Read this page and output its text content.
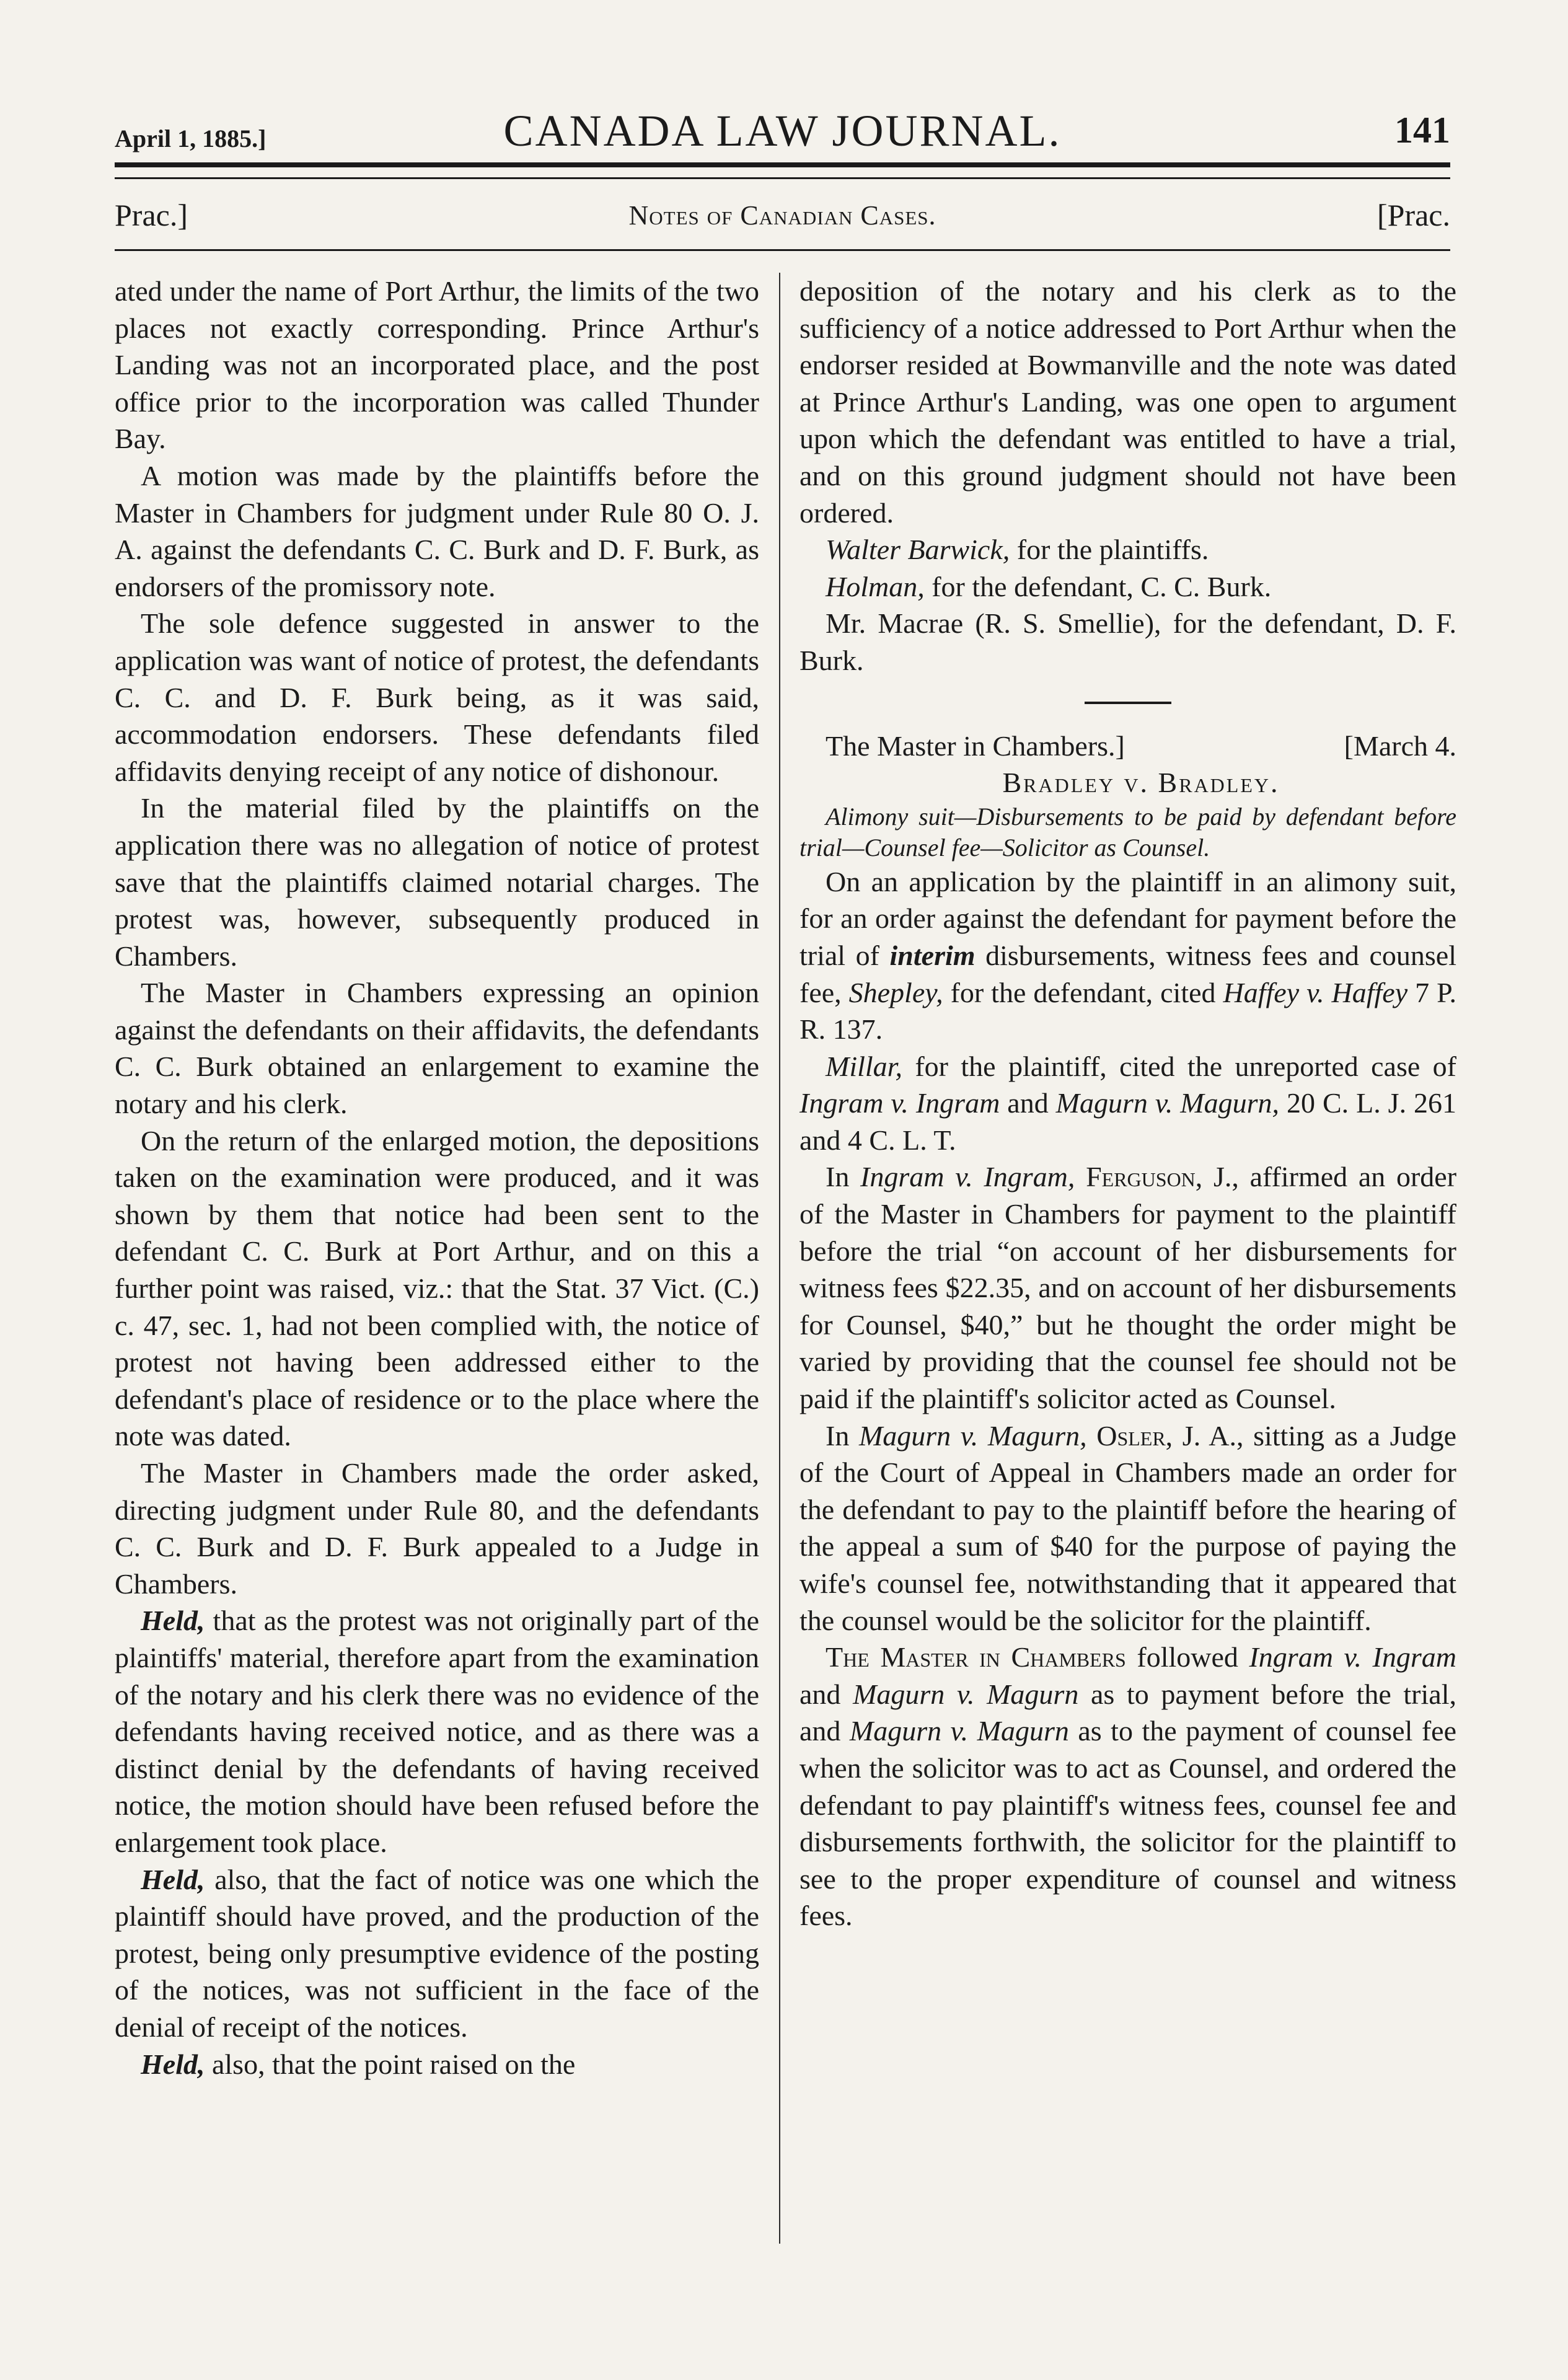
April 1, 1885.]	CANADA LAW JOURNAL.	141
Prac.]	Notes of Canadian Cases.	[Prac.

ated under the name of Port Arthur, the limits of the two places not exactly corresponding. Prince Arthur's Landing was not an incorporated place, and the post office prior to the incorporation was called Thunder Bay.

A motion was made by the plaintiffs before the Master in Chambers for judgment under Rule 80 O. J. A. against the defendants C. C. Burk and D. F. Burk, as endorsers of the promissory note.

The sole defence suggested in answer to the application was want of notice of protest, the defendants C. C. and D. F. Burk being, as it was said, accommodation endorsers. These defendants filed affidavits denying receipt of any notice of dishonour.

In the material filed by the plaintiffs on the application there was no allegation of notice of protest save that the plaintiffs claimed notarial charges. The protest was, however, subsequently produced in Chambers.

The Master in Chambers expressing an opinion against the defendants on their affidavits, the defendants C. C. Burk obtained an enlargement to examine the notary and his clerk.

On the return of the enlarged motion, the depositions taken on the examination were produced, and it was shown by them that notice had been sent to the defendant C. C. Burk at Port Arthur, and on this a further point was raised, viz.: that the Stat. 37 Vict. (C.) c. 47, sec. 1, had not been complied with, the notice of protest not having been addressed either to the defendant's place of residence or to the place where the note was dated.

The Master in Chambers made the order asked, directing judgment under Rule 80, and the defendants C. C. Burk and D. F. Burk appealed to a Judge in Chambers.

Held, that as the protest was not originally part of the plaintiffs' material, therefore apart from the examination of the notary and his clerk there was no evidence of the defendants having received notice, and as there was a distinct denial by the defendants of having received notice, the motion should have been refused before the enlargement took place.

Held, also, that the fact of notice was one which the plaintiff should have proved, and the production of the protest, being only presumptive evidence of the posting of the notices, was not sufficient in the face of the denial of receipt of the notices.

Held, also, that the point raised on the

deposition of the notary and his clerk as to the sufficiency of a notice addressed to Port Arthur when the endorser resided at Bowmanville and the note was dated at Prince Arthur's Landing, was one open to argument upon which the defendant was entitled to have a trial, and on this ground judgment should not have been ordered.

Walter Barwick, for the plaintiffs.

Holman, for the defendant, C. C. Burk.

Mr. Macrae (R. S. Smellie), for the defendant, D. F. Burk.

The Master in Chambers.]	[March 4.

Bradley v. Bradley.

Alimony suit—Disbursements to be paid by defendant before trial—Counsel fee—Solicitor as Counsel.

On an application by the plaintiff in an alimony suit, for an order against the defendant for payment before the trial of interim disbursements, witness fees and counsel fee, Shepley, for the defendant, cited Haffey v. Haffey 7 P. R. 137.

Millar, for the plaintiff, cited the unreported case of Ingram v. Ingram and Magurn v. Magurn, 20 C. L. J. 261 and 4 C. L. T.

In Ingram v. Ingram, Ferguson, J., affirmed an order of the Master in Chambers for payment to the plaintiff before the trial “on account of her disbursements for witness fees $22.35, and on account of her disbursements for Counsel, $40,” but he thought the order might be varied by providing that the counsel fee should not be paid if the plaintiff's solicitor acted as Counsel.

In Magurn v. Magurn, Osler, J. A., sitting as a Judge of the Court of Appeal in Chambers made an order for the defendant to pay to the plaintiff before the hearing of the appeal a sum of $40 for the purpose of paying the wife's counsel fee, notwithstanding that it appeared that the counsel would be the solicitor for the plaintiff.

The Master in Chambers followed Ingram v. Ingram and Magurn v. Magurn as to payment before the trial, and Magurn v. Magurn as to the payment of counsel fee when the solicitor was to act as Counsel, and ordered the defendant to pay plaintiff's witness fees, counsel fee and disbursements forthwith, the solicitor for the plaintiff to see to the proper expenditure of counsel and witness fees.
